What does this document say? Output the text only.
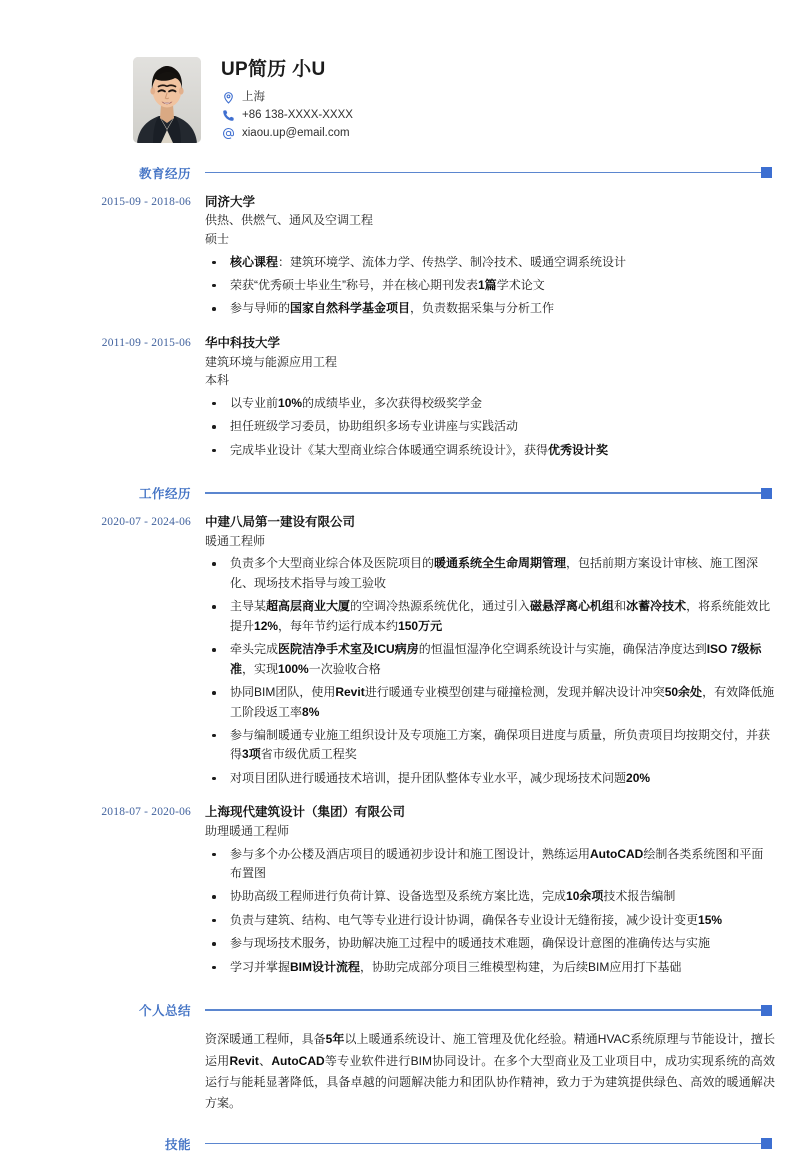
UP简历 小U
上海
+86 138-XXXX-XXXX
xiaou.up@email.com
教育经历
2015-09 - 2018-06	同济大学
供热、供燃气、通风及空调工程
硕士
核心课程：建筑环境学、流体力学、传热学、制冷技术、暖通空调系统设计
荣获“优秀硕士毕业生”称号，并在核心期刊发表1篇学术论文
参与导师的国家自然科学基金项目，负责数据采集与分析工作
2011-09 - 2015-06	华中科技大学
建筑环境与能源应用工程
本科
以专业前10%的成绩毕业，多次获得校级奖学金
担任班级学习委员，协助组织多场专业讲座与实践活动
完成毕业设计《某大型商业综合体暖通空调系统设计》，获得优秀设计奖
工作经历
2020-07 - 2024-06	中建八局第一建设有限公司
暖通工程师
负责多个大型商业综合体及医院项目的暖通系统全生命周期管理，包括前期方案设计审核、施工图深化、现场技术指导与竣工验收
主导某超高层商业大厦的空调冷热源系统优化，通过引入磁悬浮离心机组和冰蓄冷技术，将系统能效比提升12%，每年节约运行成本约150万元
牵头完成医院洁净手术室及ICU病房的恒温恒湿净化空调系统设计与实施，确保洁净度达到ISO 7级标准，实现100%一次验收合格
协同BIM团队，使用Revit进行暖通专业模型创建与碰撞检测，发现并解决设计冲突50余处，有效降低施工阶段返工率8%
参与编制暖通专业施工组织设计及专项施工方案，确保项目进度与质量，所负责项目均按期交付，并获得3项省市级优质工程奖
对项目团队进行暖通技术培训，提升团队整体专业水平，减少现场技术问题20%
2018-07 - 2020-06	上海现代建筑设计（集团）有限公司
助理暖通工程师
参与多个办公楼及酒店项目的暖通初步设计和施工图设计，熟练运用AutoCAD绘制各类系统图和平面布置图
协助高级工程师进行负荷计算、设备选型及系统方案比选，完成10余项技术报告编制
负责与建筑、结构、电气等专业进行设计协调，确保各专业设计无缝衔接，减少设计变更15%
参与现场技术服务，协助解决施工过程中的暖通技术难题，确保设计意图的准确传达与实施
学习并掌握BIM设计流程，协助完成部分项目三维模型构建，为后续BIM应用打下基础
个人总结
资深暖通工程师，具备5年以上暖通系统设计、施工管理及优化经验。精通HVAC系统原理与节能设计，擅长运用Revit、AutoCAD等专业软件进行BIM协同设计。在多个大型商业及工业项目中，成功实现系统的高效运行与能耗显著降低，具备卓越的问题解决能力和团队协作精神，致力于为建筑提供绿色、高效的暖通解决方案。
技能
